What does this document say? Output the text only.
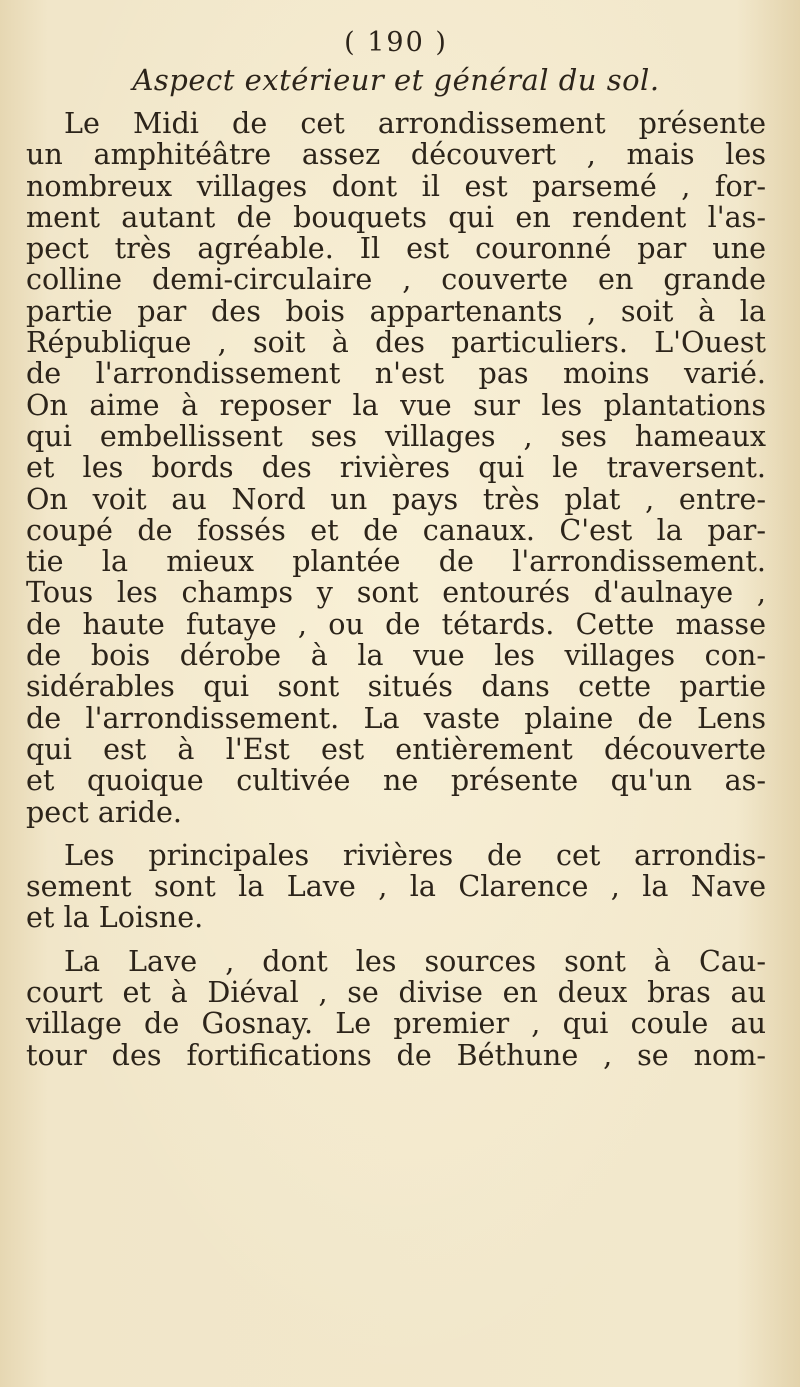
( 190 )
Aspect extérieur et général du sol.
Le Midi de cet arrondissement présente
un amphitéâtre assez découvert , mais les
nombreux villages dont il est parsemé , for-
ment autant de bouquets qui en rendent l'as-
pect très agréable. Il est couronné par une
colline demi-circulaire , couverte en grande
partie par des bois appartenants , soit à la
République , soit à des particuliers. L'Ouest
de l'arrondissement n'est pas moins varié.
On aime à reposer la vue sur les plantations
qui embellissent ses villages , ses hameaux
et les bords des rivières qui le traversent.
On voit au Nord un pays très plat , entre-
coupé de fossés et de canaux. C'est la par-
tie la mieux plantée de l'arrondissement.
Tous les champs y sont entourés d'aulnaye ,
de haute futaye , ou de tétards. Cette masse
de bois dérobe à la vue les villages con-
sidérables qui sont situés dans cette partie
de l'arrondissement. La vaste plaine de Lens
qui est à l'Est est entièrement découverte
et quoique cultivée ne présente qu'un as-
pect aride.
Les principales rivières de cet arrondis-
sement sont la Lave , la Clarence , la Nave
et la Loisne.
La Lave , dont les sources sont à Cau-
court et à Diéval , se divise en deux bras au
village de Gosnay. Le premier , qui coule au
tour des fortifications de Béthune , se nom-
